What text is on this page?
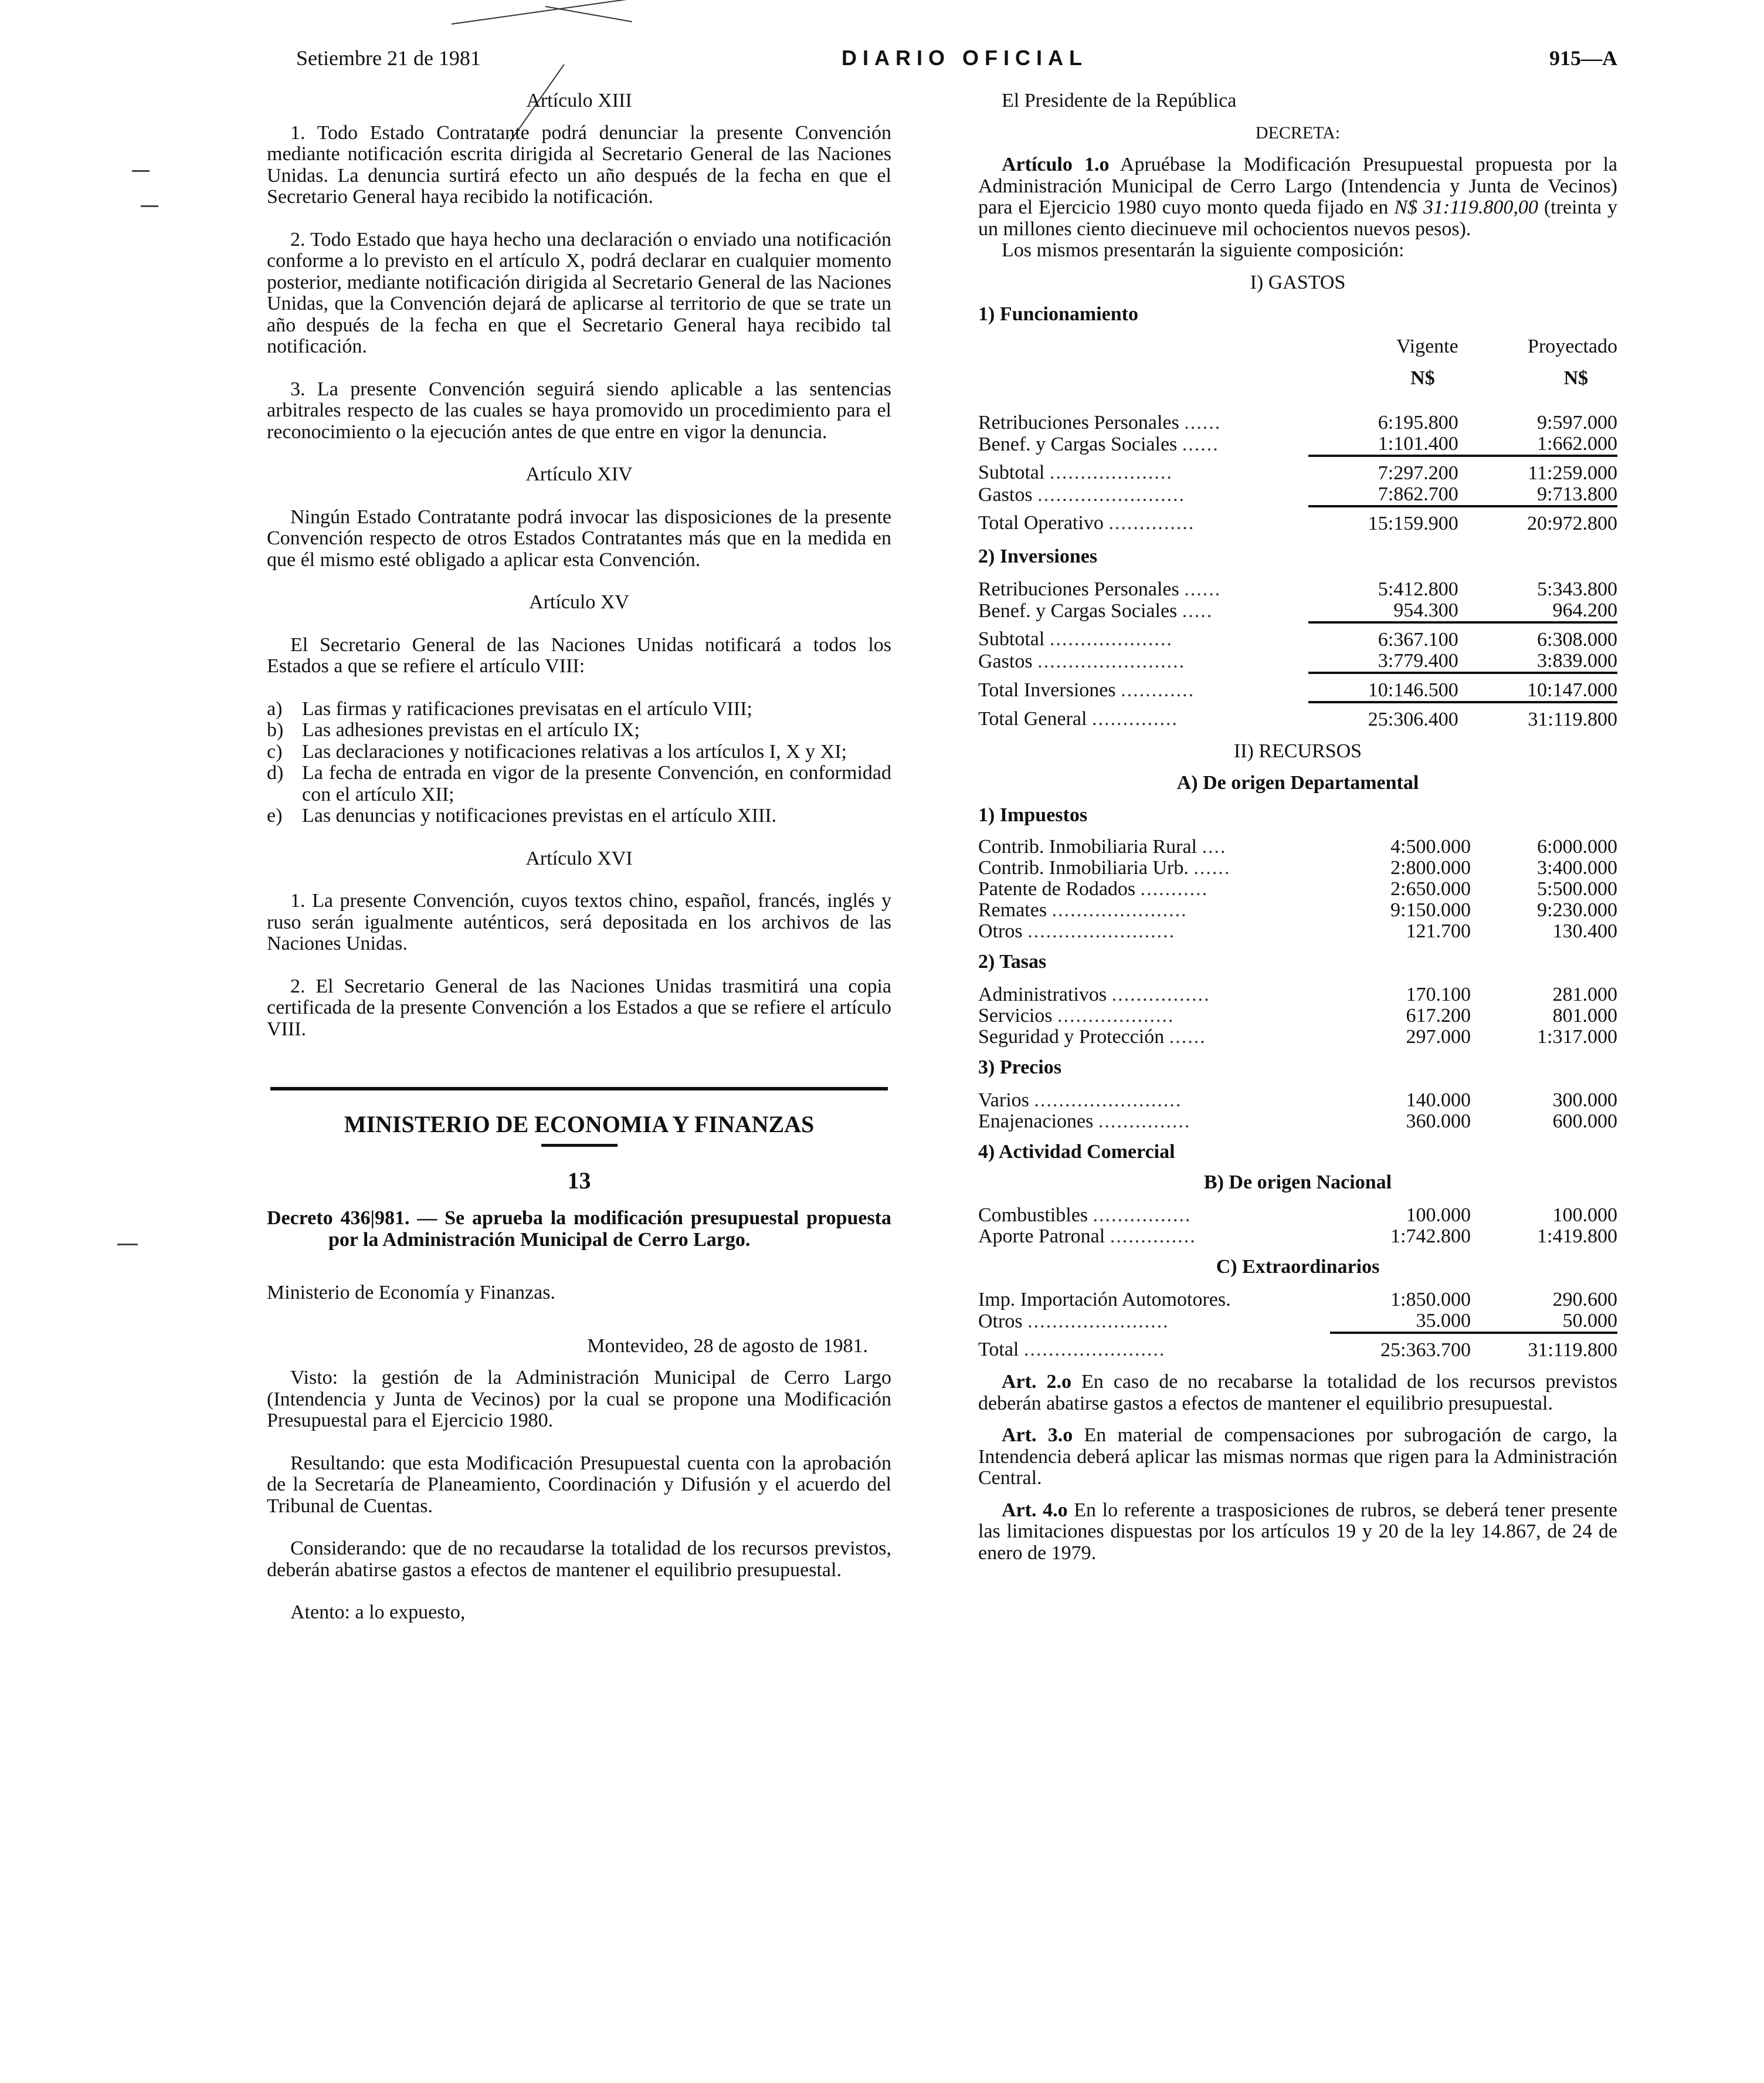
Setiembre 21 de 1981	DIARIO OFICIAL	915—A

Artículo XIII

1. Todo Estado Contratante podrá denunciar la presente Convención mediante notificación escrita dirigida al Secretario General de las Naciones Unidas. La denuncia surtirá efecto un año después de la fecha en que el Secretario General haya recibido la notificación.

2. Todo Estado que haya hecho una declaración o enviado una notificación conforme a lo previsto en el artículo X, podrá declarar en cualquier momento posterior, mediante notificación dirigida al Secretario General de las Naciones Unidas, que la Convención dejará de aplicarse al territorio de que se trate un año después de la fecha en que el Secretario General haya recibido tal notificación.

3. La presente Convención seguirá siendo aplicable a las sentencias arbitrales respecto de las cuales se haya promovido un procedimiento para el reconocimiento o la ejecución antes de que entre en vigor la denuncia.

Artículo XIV

Ningún Estado Contratante podrá invocar las disposiciones de la presente Convención respecto de otros Estados Contratantes más que en la medida en que él mismo esté obligado a aplicar esta Convención.

Artículo XV

El Secretario General de las Naciones Unidas notificará a todos los Estados a que se refiere el artículo VIII:

a) Las firmas y ratificaciones previsatas en el artículo VIII;
b) Las adhesiones previstas en el artículo IX;
c) Las declaraciones y notificaciones relativas a los artículos I, X y XI;
d) La fecha de entrada en vigor de la presente Convención, en conformidad con el artículo XII;
e) Las denuncias y notificaciones previstas en el artículo XIII.

Artículo XVI

1. La presente Convención, cuyos textos chino, español, francés, inglés y ruso serán igualmente auténticos, será depositada en los archivos de las Naciones Unidas.

2. El Secretario General de las Naciones Unidas trasmitirá una copia certificada de la presente Convención a los Estados a que se refiere el artículo VIII.

MINISTERIO DE ECONOMIA Y FINANZAS

13

Decreto 436|981. — Se aprueba la modificación presupuestal propuesta por la Administración Municipal de Cerro Largo.

Ministerio de Economía y Finanzas.

Montevideo, 28 de agosto de 1981.

Visto: la gestión de la Administración Municipal de Cerro Largo (Intendencia y Junta de Vecinos) por la cual se propone una Modificación Presupuestal para el Ejercicio 1980.

Resultando: que esta Modificación Presupuestal cuenta con la aprobación de la Secretaría de Planeamiento, Coordinación y Difusión y el acuerdo del Tribunal de Cuentas.

Considerando: que de no recaudarse la totalidad de los recursos previstos, deberán abatirse gastos a efectos de mantener el equilibrio presupuestal.

Atento: a lo expuesto,

El Presidente de la República

DECRETA:

Artículo 1.o Apruébase la Modificación Presupuestal propuesta por la Administración Municipal de Cerro Largo (Intendencia y Junta de Vecinos) para el Ejercicio 1980 cuyo monto queda fijado en N$ 31:119.800,00 (treinta y un millones ciento diecinueve mil ochocientos nuevos pesos).

Los mismos presentarán la siguiente composición:

I) GASTOS

1) Funcionamiento

	Vigente	Proyectado
	N$	N$

Retribuciones Personales ......	6:195.800	9:597.000
Benef. y Cargas Sociales ......	1:101.400	1:662.000
Subtotal ....................	7:297.200	11:259.000
Gastos ........................	7:862.700	9:713.800
Total Operativo ..............	15:159.900	20:972.800
2) Inversiones		
Retribuciones Personales ......	5:412.800	5:343.800
Benef. y Cargas Sociales .....	954.300	964.200
Subtotal ....................	6:367.100	6:308.000
Gastos ........................	3:779.400	3:839.000
Total Inversiones ............	10:146.500	10:147.000
Total General ..............	25:306.400	31:119.800

II) RECURSOS

A) De origen Departamental

1) Impuestos

Contrib. Inmobiliaria Rural ....	4:500.000	6:000.000
Contrib. Inmobiliaria Urb. ......	2:800.000	3:400.000
Patente de Rodados ...........	2:650.000	5:500.000
Remates ......................	9:150.000	9:230.000
Otros ........................	121.700	130.400
2) Tasas		
Administrativos ................	170.100	281.000
Servicios ...................	617.200	801.000
Seguridad y Protección ......	297.000	1:317.000
3) Precios		
Varios ........................	140.000	300.000
Enajenaciones ...............	360.000	600.000
4) Actividad Comercial		
B) De origen Nacional		
Combustibles ................	100.000	100.000
Aporte Patronal ..............	1:742.800	1:419.800
C) Extraordinarios		
Imp. Importación Automotores.	1:850.000	290.600
Otros .......................	35.000	50.000
Total .......................	25:363.700	31:119.800

Art. 2.o En caso de no recabarse la totalidad de los recursos previstos deberán abatirse gastos a efectos de mantener el equilibrio presupuestal.

Art. 3.o En material de compensaciones por subrogación de cargo, la Intendencia deberá aplicar las mismas normas que rigen para la Administración Central.

Art. 4.o En lo referente a trasposiciones de rubros, se deberá tener presente las limitaciones dispuestas por los artículos 19 y 20 de la ley 14.867, de 24 de enero de 1979.
